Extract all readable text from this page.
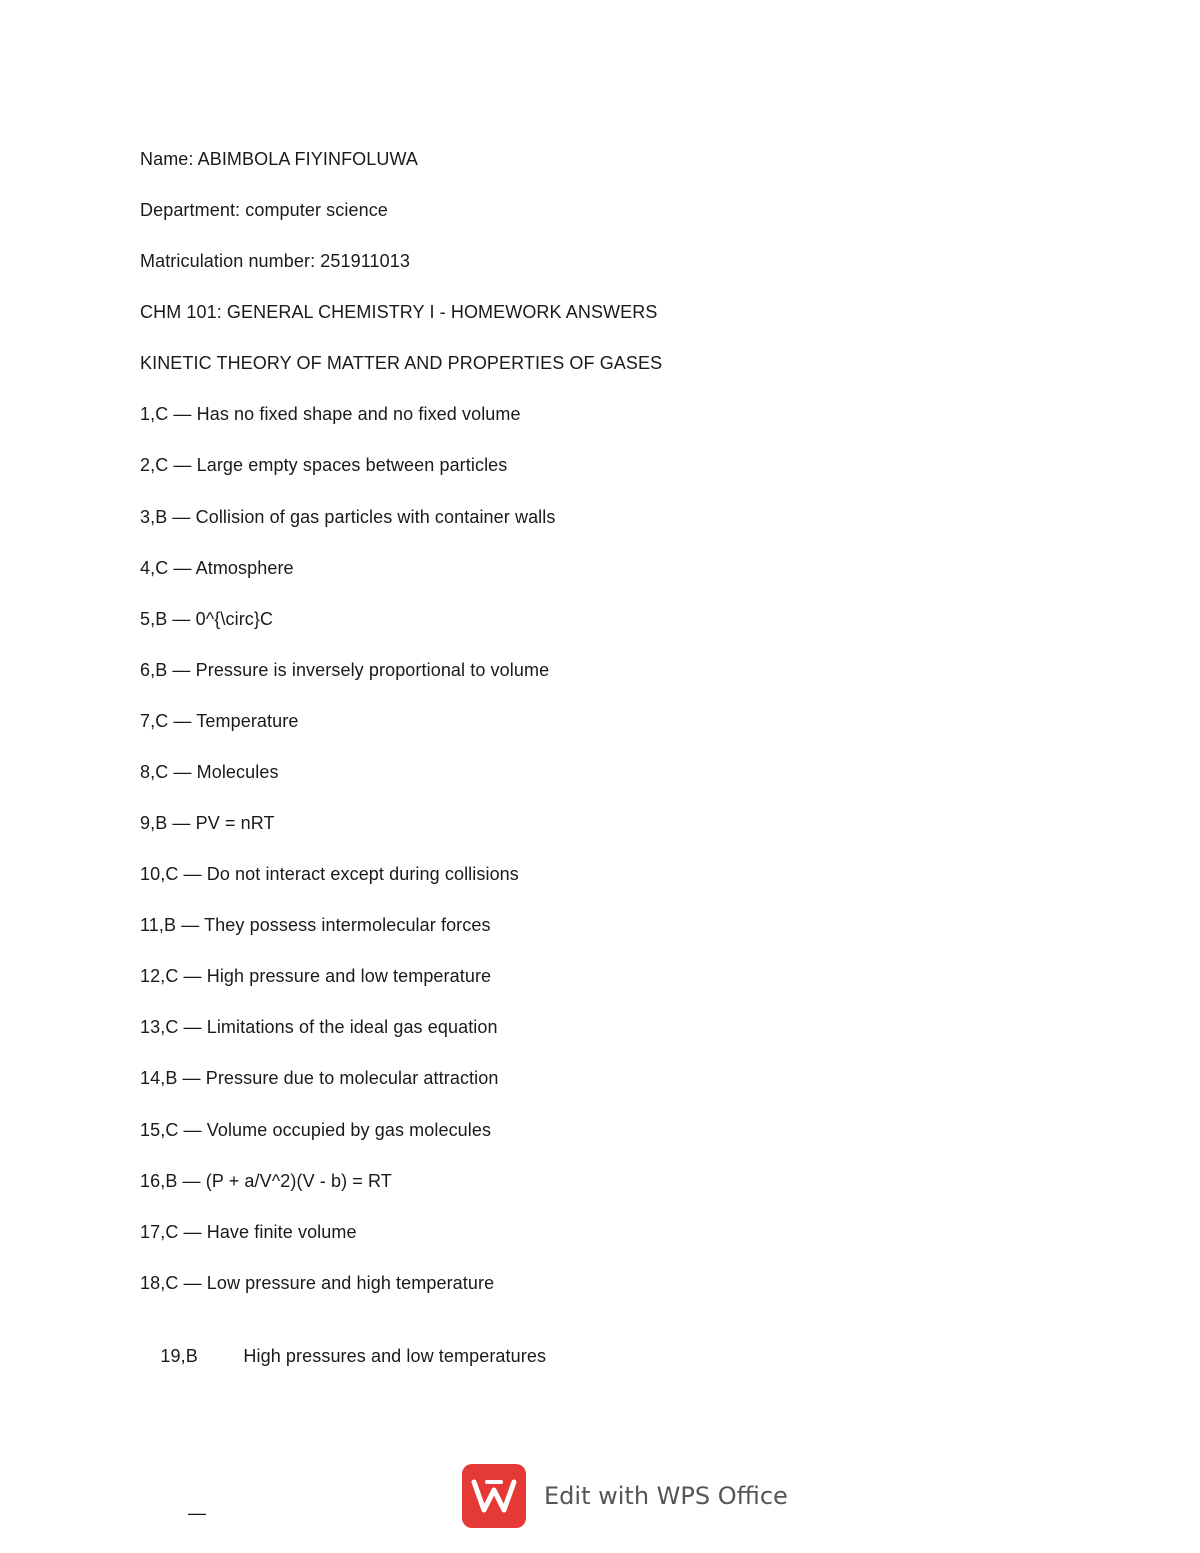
Name: ABIMBOLA FIYINFOLUWA
Department: computer science
Matriculation number: 251911013
CHM 101: GENERAL CHEMISTRY I - HOMEWORK ANSWERS
KINETIC THEORY OF MATTER AND PROPERTIES OF GASES
1,C — Has no fixed shape and no fixed volume
2,C — Large empty spaces between particles
3,B — Collision of gas particles with container walls
4,C — Atmosphere
5,B — 0^{\circ}C
6,B — Pressure is inversely proportional to volume
7,C — Temperature
8,C — Molecules
9,B — PV = nRT
10,C — Do not interact except during collisions
11,B — They possess intermolecular forces
12,C — High pressure and low temperature
13,C — Limitations of the ideal gas equation
14,B — Pressure due to molecular attraction
15,C — Volume occupied by gas molecules
16,B — (P + a/V^2)(V - b) = RT
17,C — Have finite volume
18,C — Low pressure and high temperature

19,B	High pressures and low temperatures

—
Edit with WPS Office
